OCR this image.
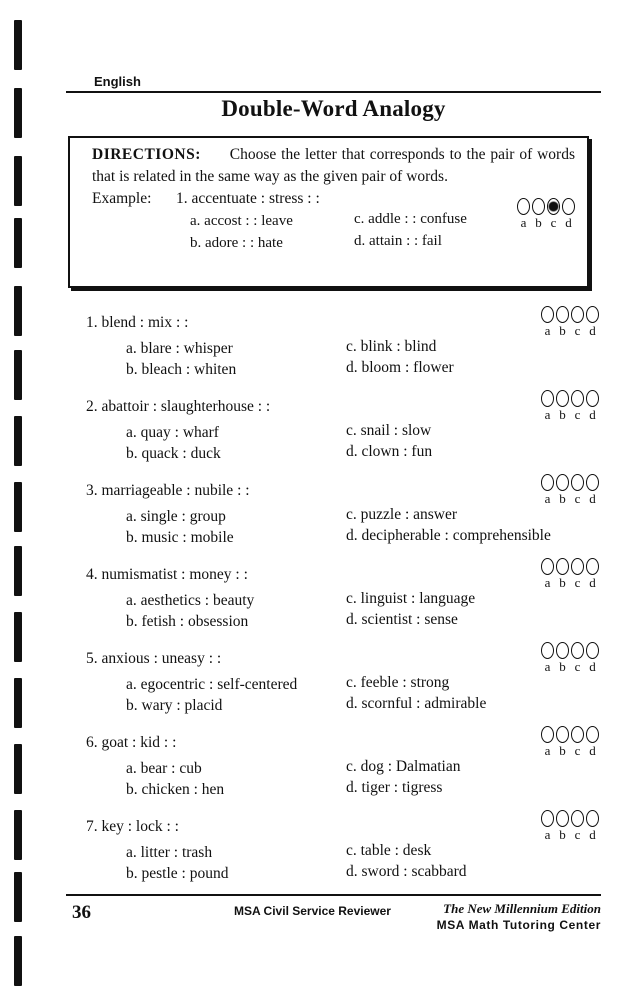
English
Double-Word Analogy
DIRECTIONS: Choose the letter that corresponds to the pair of words that is related in the same way as the given pair of words.
Example: 1. accentuate : stress : :
a. accost : : leave
b. adore : : hate
c. addle : : confuse
d. attain : : fail
a b c d
1. blend : mix : :
a. blare : whisper
b. bleach : whiten
c. blink : blind
d. bloom : flower
a b c d
2. abattoir : slaughterhouse : :
a. quay : wharf
b. quack : duck
c. snail : slow
d. clown : fun
a b c d
3. marriageable : nubile : :
a. single : group
b. music : mobile
c. puzzle : answer
d. decipherable : comprehensible
a b c d
4. numismatist : money : :
a. aesthetics : beauty
b. fetish : obsession
c. linguist : language
d. scientist : sense
a b c d
5. anxious : uneasy : :
a. egocentric : self-centered
b. wary : placid
c. feeble : strong
d. scornful : admirable
a b c d
6. goat : kid : :
a. bear : cub
b. chicken : hen
c. dog : Dalmatian
d. tiger : tigress
a b c d
7. key : lock : :
a. litter : trash
b. pestle : pound
c. table : desk
d. sword : scabbard
a b c d
36	MSA Civil Service Reviewer	The New Millennium Edition
MSA Math Tutoring Center
